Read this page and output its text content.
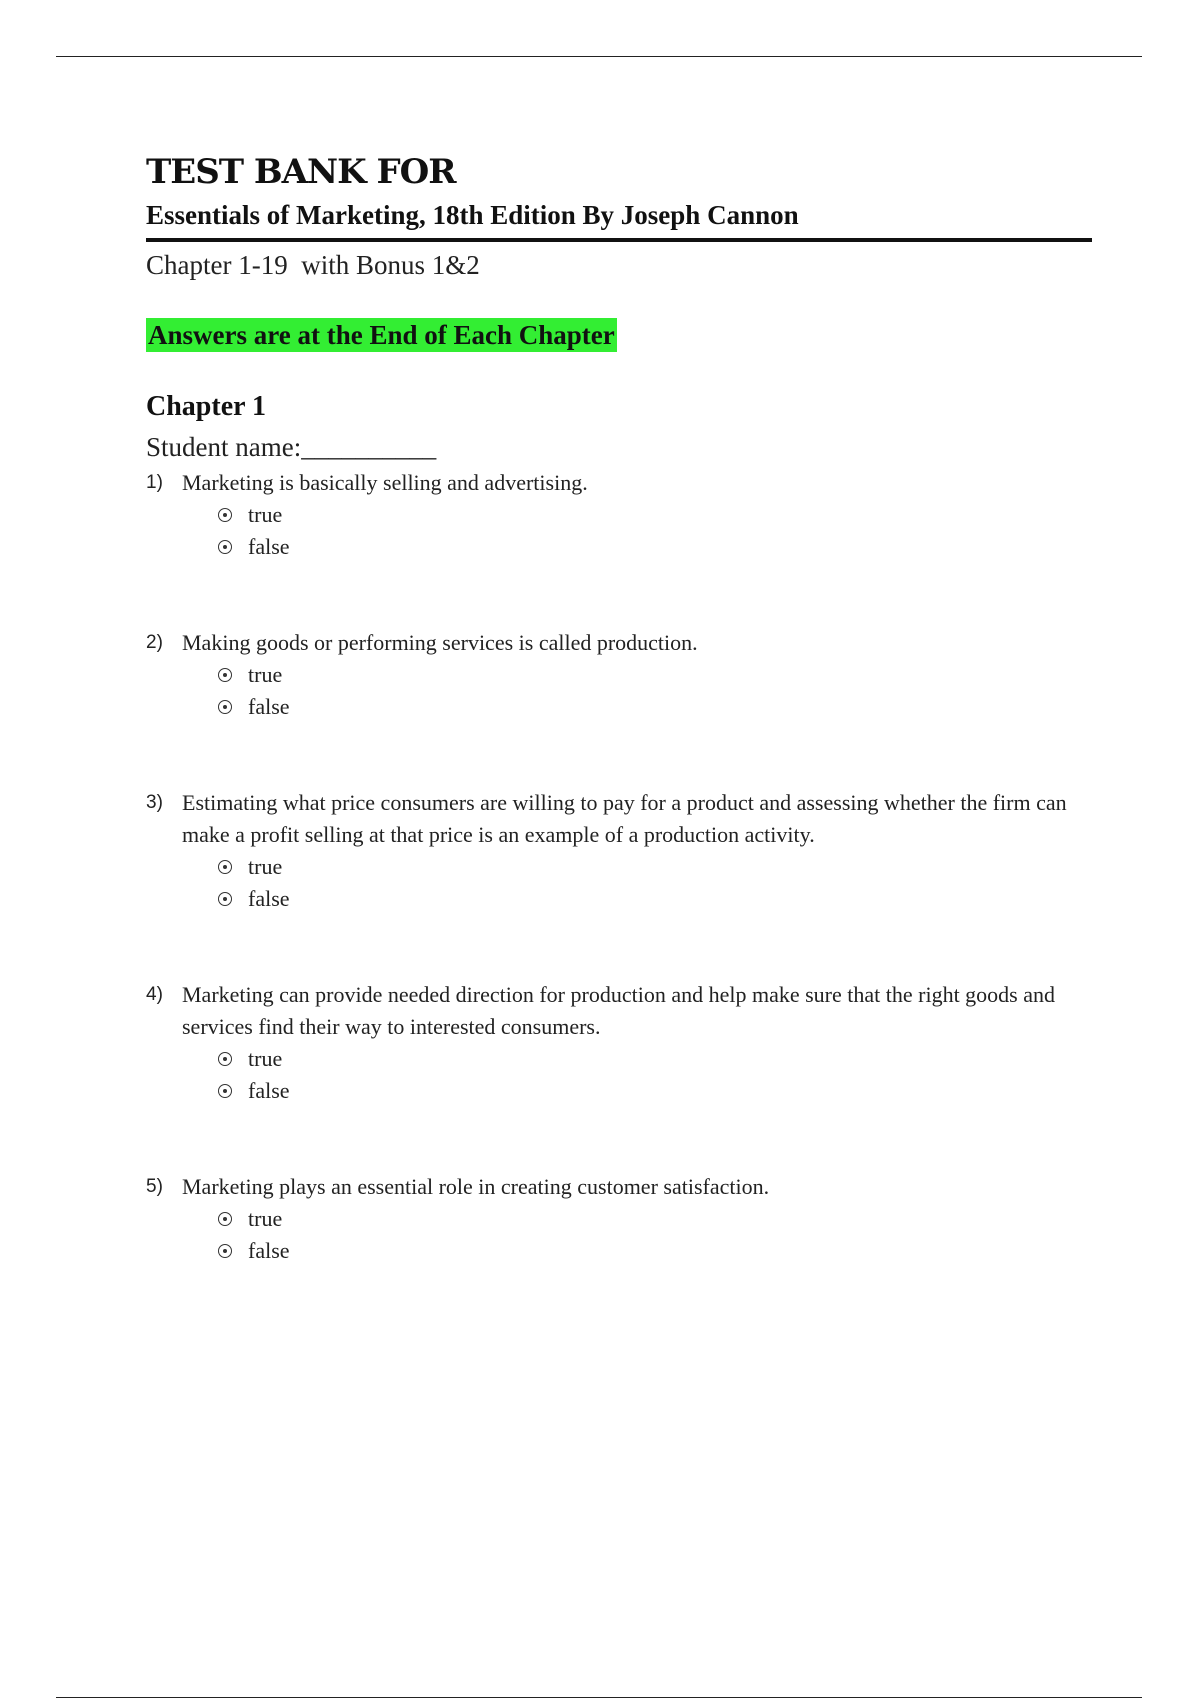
TEST BANK FOR
Essentials of Marketing, 18th Edition By Joseph Cannon
Chapter 1-19  with Bonus 1&2
Answers are at the End of Each Chapter
Chapter 1
Student name:__________
1) Marketing is basically selling and advertising.
true
false
2) Making goods or performing services is called production.
true
false
3) Estimating what price consumers are willing to pay for a product and assessing whether the firm can make a profit selling at that price is an example of a production activity.
true
false
4) Marketing can provide needed direction for production and help make sure that the right goods and services find their way to interested consumers.
true
false
5) Marketing plays an essential role in creating customer satisfaction.
true
false
